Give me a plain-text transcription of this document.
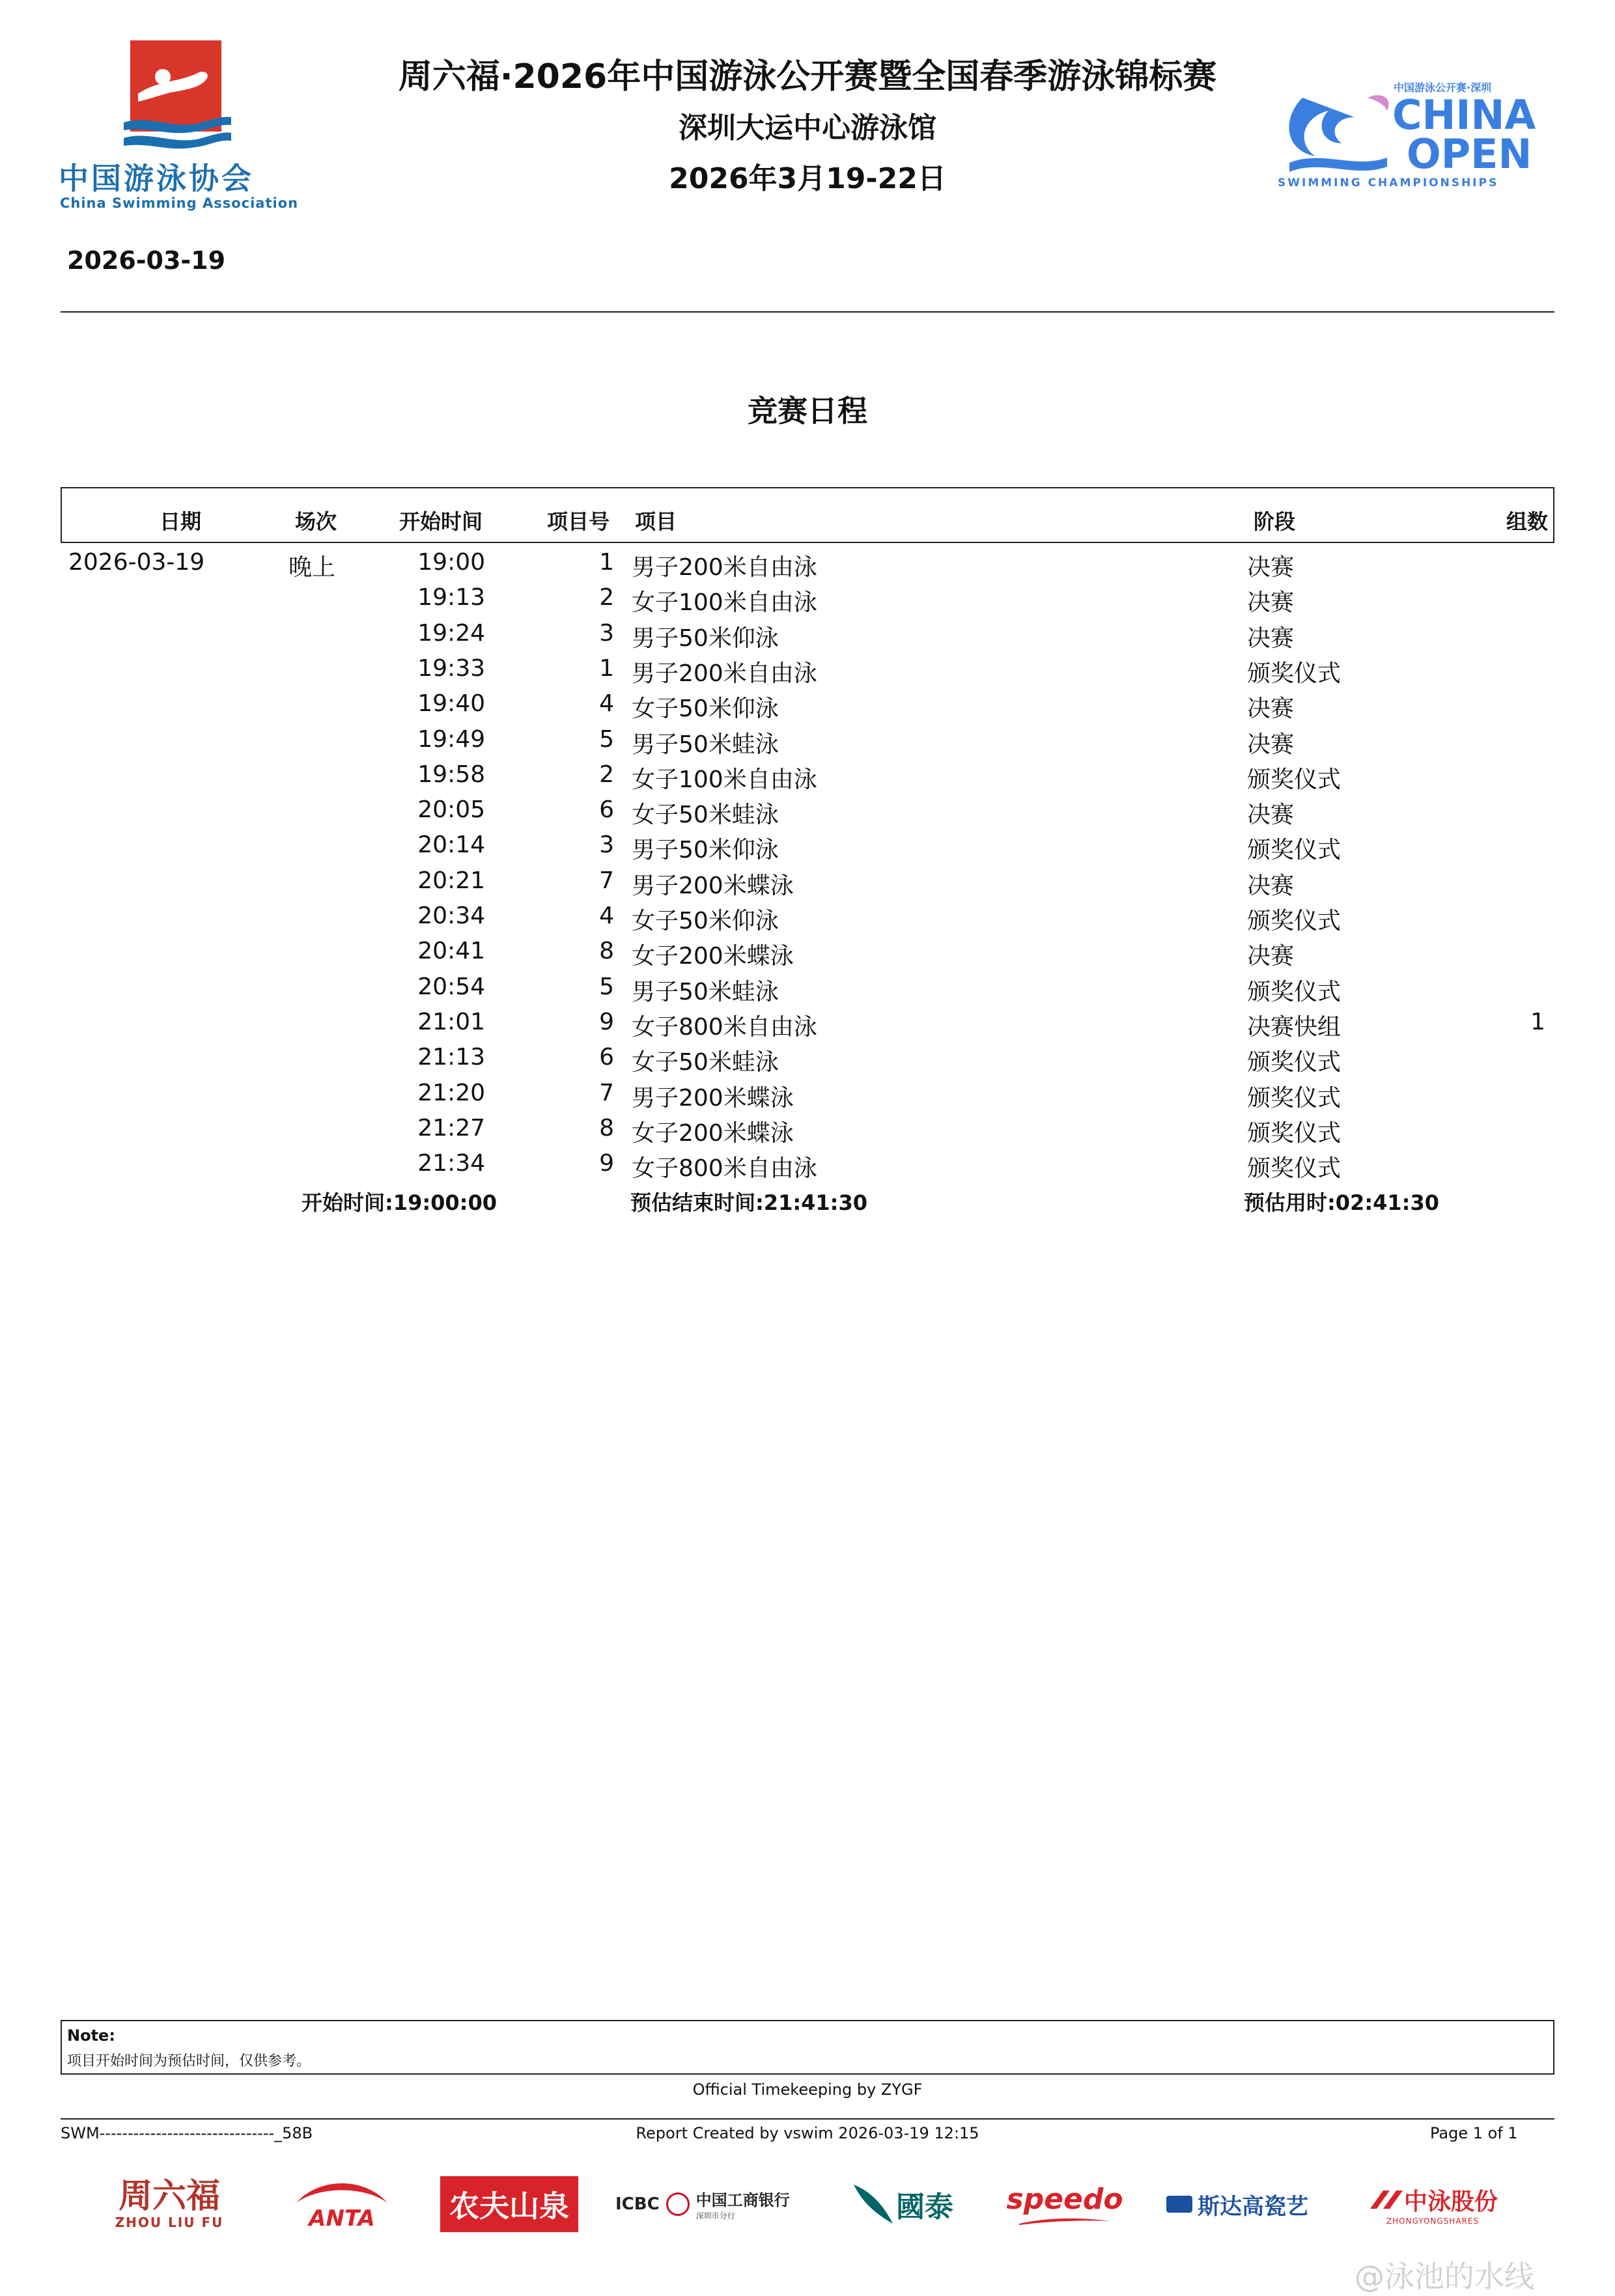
中国游泳协会
China Swimming Association
周六福·2026年中国游泳公开赛暨全国春季游泳锦标赛
深圳大运中心游泳馆
2026年3月19-22日
中国游泳公开赛·深圳
CHINA
OPEN
SWIMMING CHAMPIONSHIPS
2026-03-19
竞赛日程
日期	场次	开始时间	项目号 项目	阶段	组数
2026-03-19	晚上	19:00	1 男子200米自由泳	决赛
19:13	2 女子100米自由泳	决赛
19:24	3 男子50米仰泳	决赛
19:33	1 男子200米自由泳	颁奖仪式
19:40	4 女子50米仰泳	决赛
19:49	5 男子50米蛙泳	决赛
19:58	2 女子100米自由泳	颁奖仪式
20:05	6 女子50米蛙泳	决赛
20:14	3 男子50米仰泳	颁奖仪式
20:21	7 男子200米蝶泳	决赛
20:34	4 女子50米仰泳	颁奖仪式
20:41	8 女子200米蝶泳	决赛
20:54	5 男子50米蛙泳	颁奖仪式
21:01	9 女子800米自由泳	决赛快组	1
21:13	6 女子50米蛙泳	颁奖仪式
21:20	7 男子200米蝶泳	颁奖仪式
21:27	8 女子200米蝶泳	颁奖仪式
21:34	9 女子800米自由泳	颁奖仪式
开始时间:19:00:00	预估结束时间:21:41:30	预估用时:02:41:30
Note:
项目开始时间为预估时间，仅供参考。
Official Timekeeping by ZYGF
SWM-------------------------------_58B	Report Created by vswim 2026-03-19 12:15	Page 1 of 1
周六福
ZHOU LIU FU	ANTA	农夫山泉	ICBC 中国工商银行
深圳市分行	國泰 speedo	斯达高瓷艺	中泳股份
ZHONGYONGSHARES
@泳池的水线
